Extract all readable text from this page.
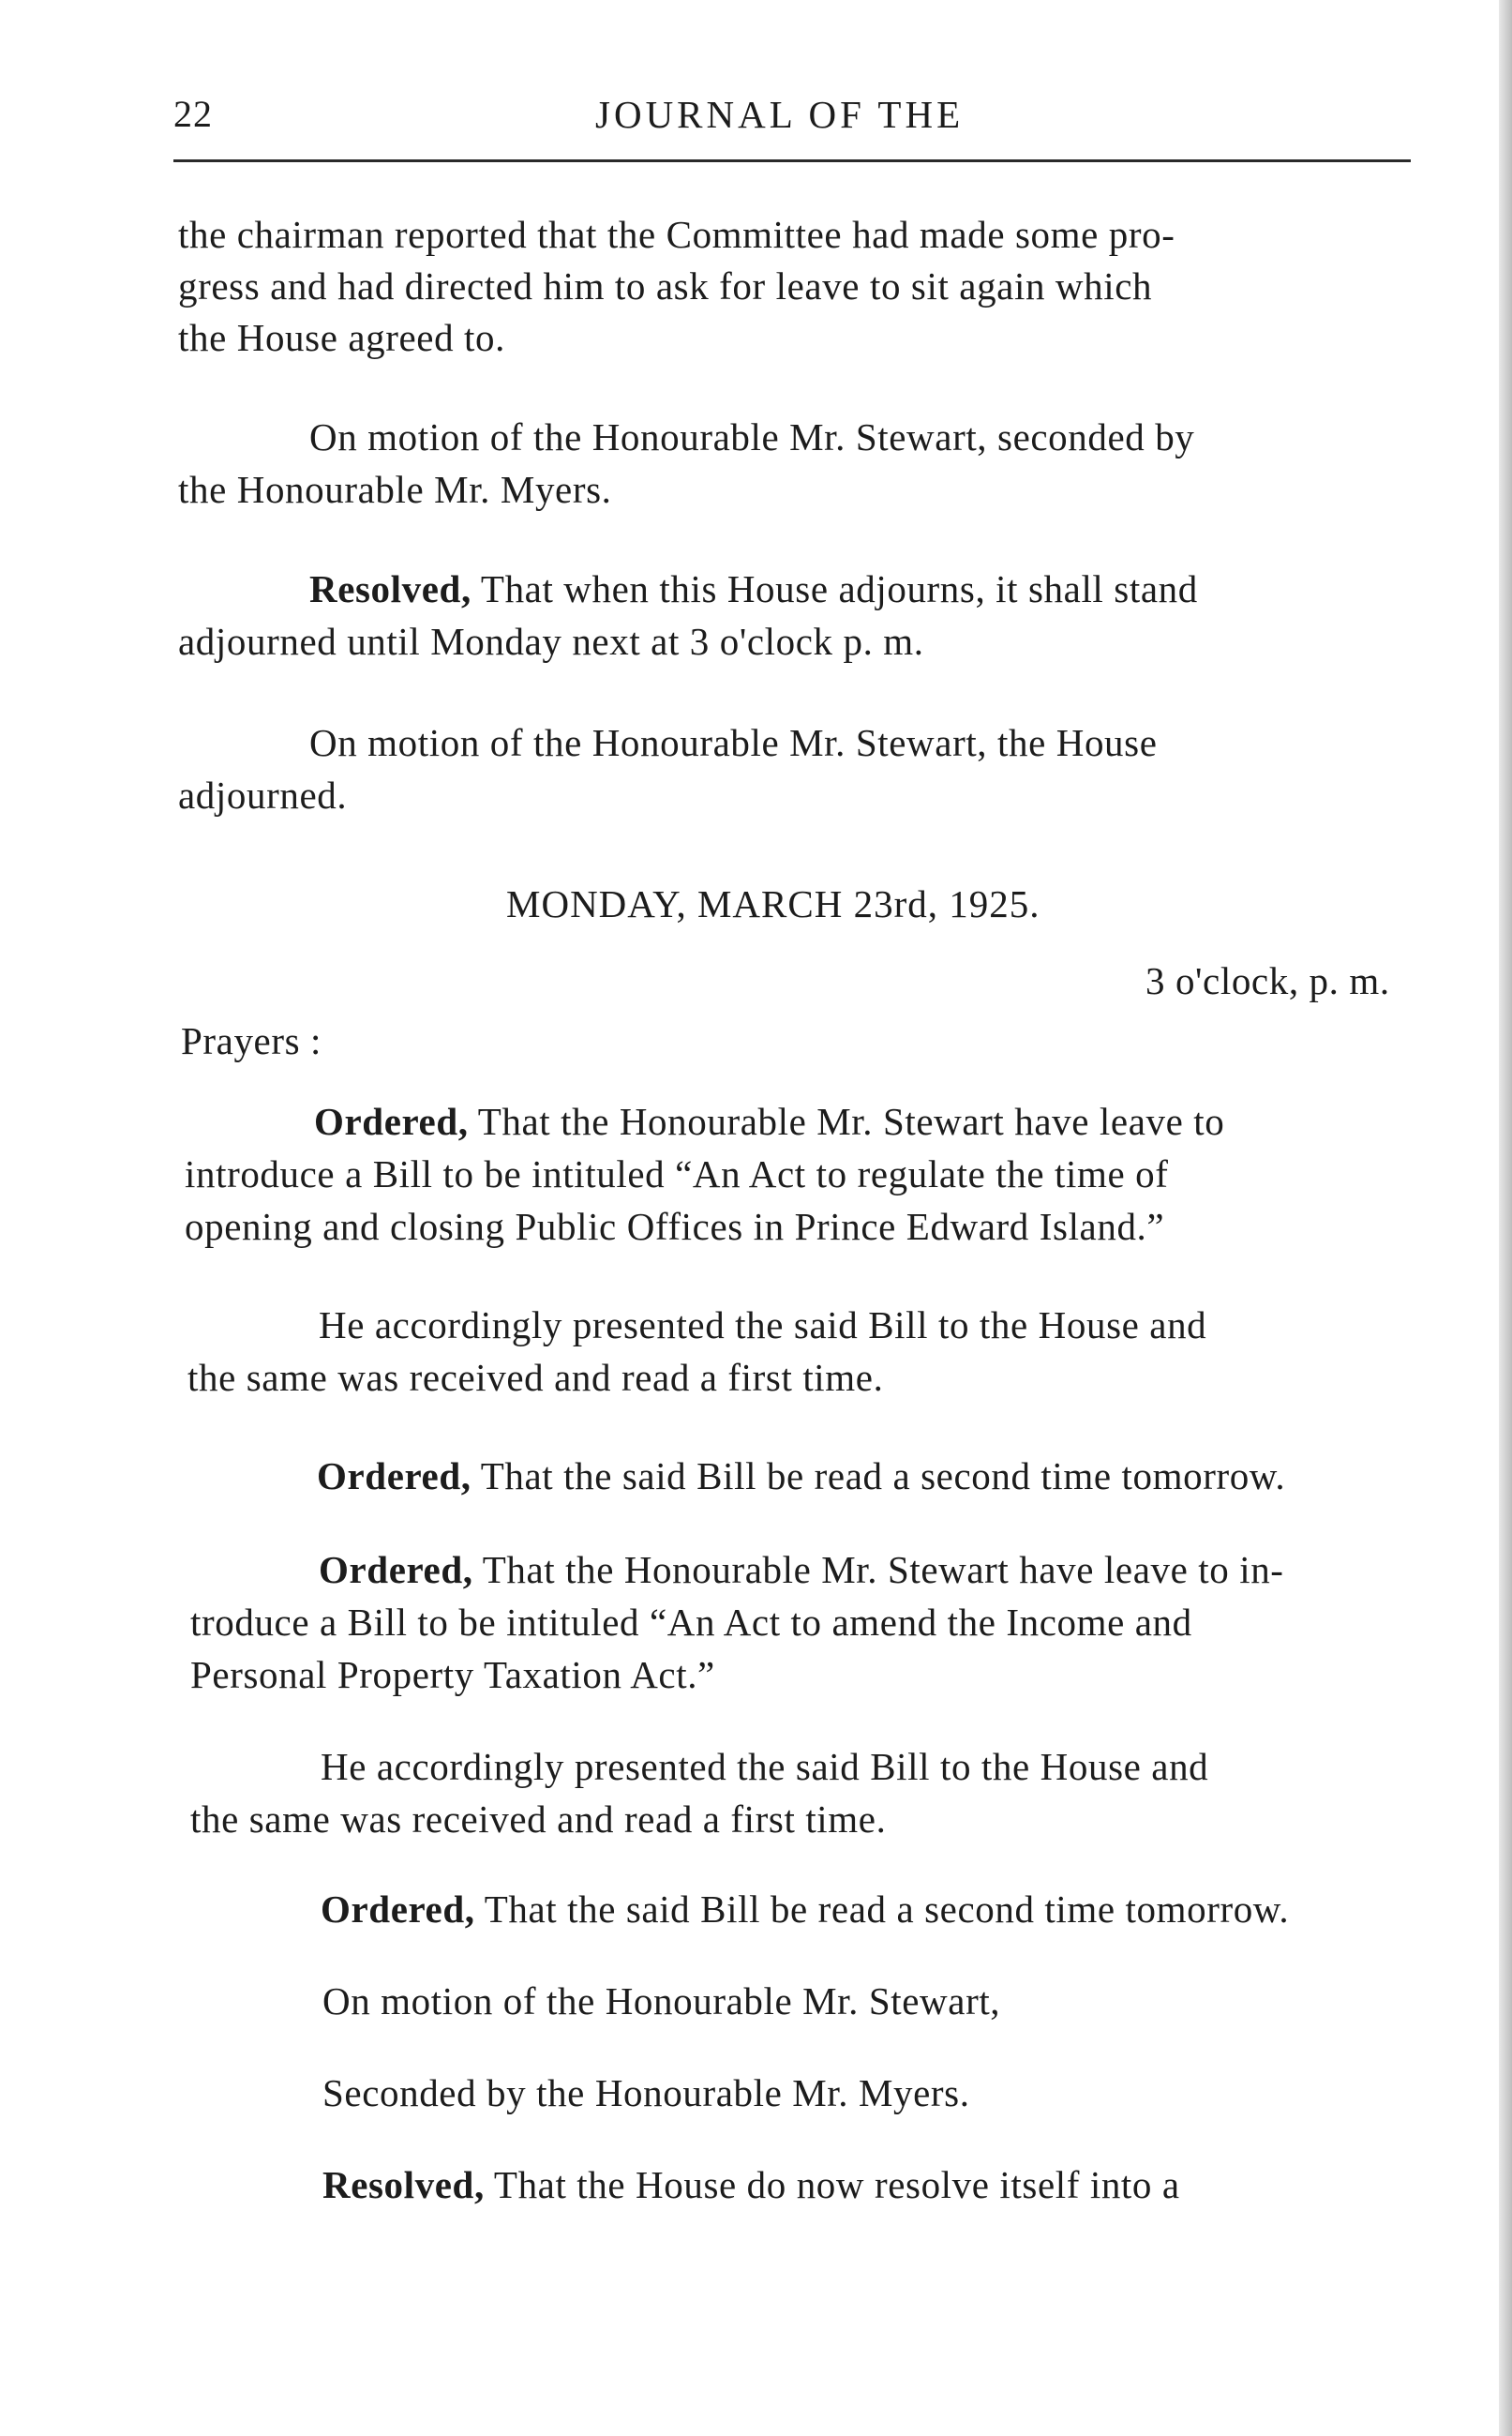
22	JOURNAL OF THE
the chairman reported that the Committee had made some pro-
gress and had directed him to ask for leave to sit again which
the House agreed to.
On motion of the Honourable Mr. Stewart, seconded by
the Honourable Mr. Myers.
Resolved, That when this House adjourns, it shall stand
adjourned until Monday next at 3 o'clock p. m.
On motion of the Honourable Mr. Stewart, the House
adjourned.
MONDAY, MARCH 23rd, 1925.
3 o'clock, p. m.
Prayers :
Ordered, That the Honourable Mr. Stewart have leave to
introduce a Bill to be intituled “An Act to regulate the time of
opening and closing Public Offices in Prince Edward Island.”
He accordingly presented the said Bill to the House and
the same was received and read a first time.
Ordered, That the said Bill be read a second time tomorrow.
Ordered, That the Honourable Mr. Stewart have leave to in-
troduce a Bill to be intituled “An Act to amend the Income and
Personal Property Taxation Act.”
He accordingly presented the said Bill to the House and
the same was received and read a first time.
Ordered, That the said Bill be read a second time tomorrow.
On motion of the Honourable Mr. Stewart,
Seconded by the Honourable Mr. Myers.
Resolved, That the House do now resolve itself into a
